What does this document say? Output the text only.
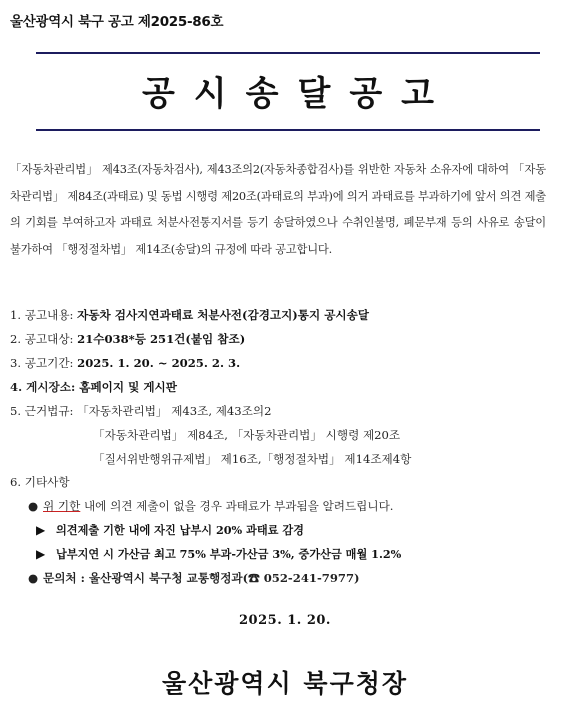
울산광역시 북구 공고 제2025-86호
공시송달공고
「자동차관리법」 제43조(자동차검사), 제43조의2(자동차종합검사)를 위반한 자동차 소유자에 대하여 「자동차관리법」 제84조(과태료) 및 동법 시행령 제20조(과태료의 부과)에 의거 과태료를 부과하기에 앞서 의견 제출의 기회를 부여하고자 과태료 처분사전통지서를 등기 송달하였으나 수취인불명, 폐문부재 등의 사유로 송달이 불가하여 「행정절차법」 제14조(송달)의 규정에 따라 공고합니다.
1. 공고내용: 자동차 검사지연과태료 처분사전(감경고지)통지 공시송달
2. 공고대상: 21수038*등 251건(붙임 참조)
3. 공고기간: 2025. 1. 20. ~ 2025. 2. 3.
4. 게시장소: 홈페이지 및 게시판
5. 근거법규: 「자동차관리법」 제43조, 제43조의2
「자동차관리법」 제84조, 「자동차관리법」 시행령 제20조
「질서위반행위규제법」 제16조,「행정절차법」 제14조제4항
6. 기타사항
● 위 기한 내에 의견 제출이 없을 경우 과태료가 부과됨을 알려드립니다.
▶ 의견제출 기한 내에 자진 납부시 20% 과태료 감경
▶ 납부지연 시 가산금 최고 75% 부과-가산금 3%, 중가산금 매월 1.2%
● 문의처 : 울산광역시 북구청 교통행정과(☎ 052-241-7977)
2025. 1. 20.
울산광역시 북구청장
